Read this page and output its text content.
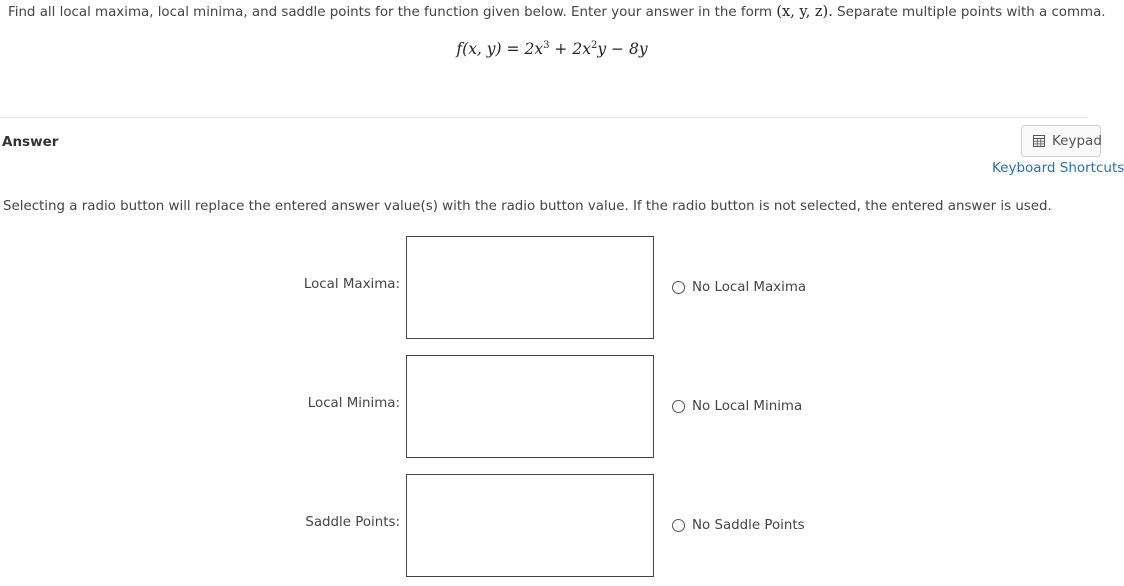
Find all local maxima, local minima, and saddle points for the function given below. Enter your answer in the form (x, y, z). Separate multiple points with a comma.
f(x, $y) = 2x^3 + 2x^2y - 8y$
Answer	Keypad
Keyboard Shortcuts
Selecting a radio button will replace the entered answer value(s) with the radio button value. If the radio button is not selected, the entered answer is used.
Local Maxima:	No Local Maxima
Local Minima:	No Local Minima
Saddle Points:	No Saddle Points
